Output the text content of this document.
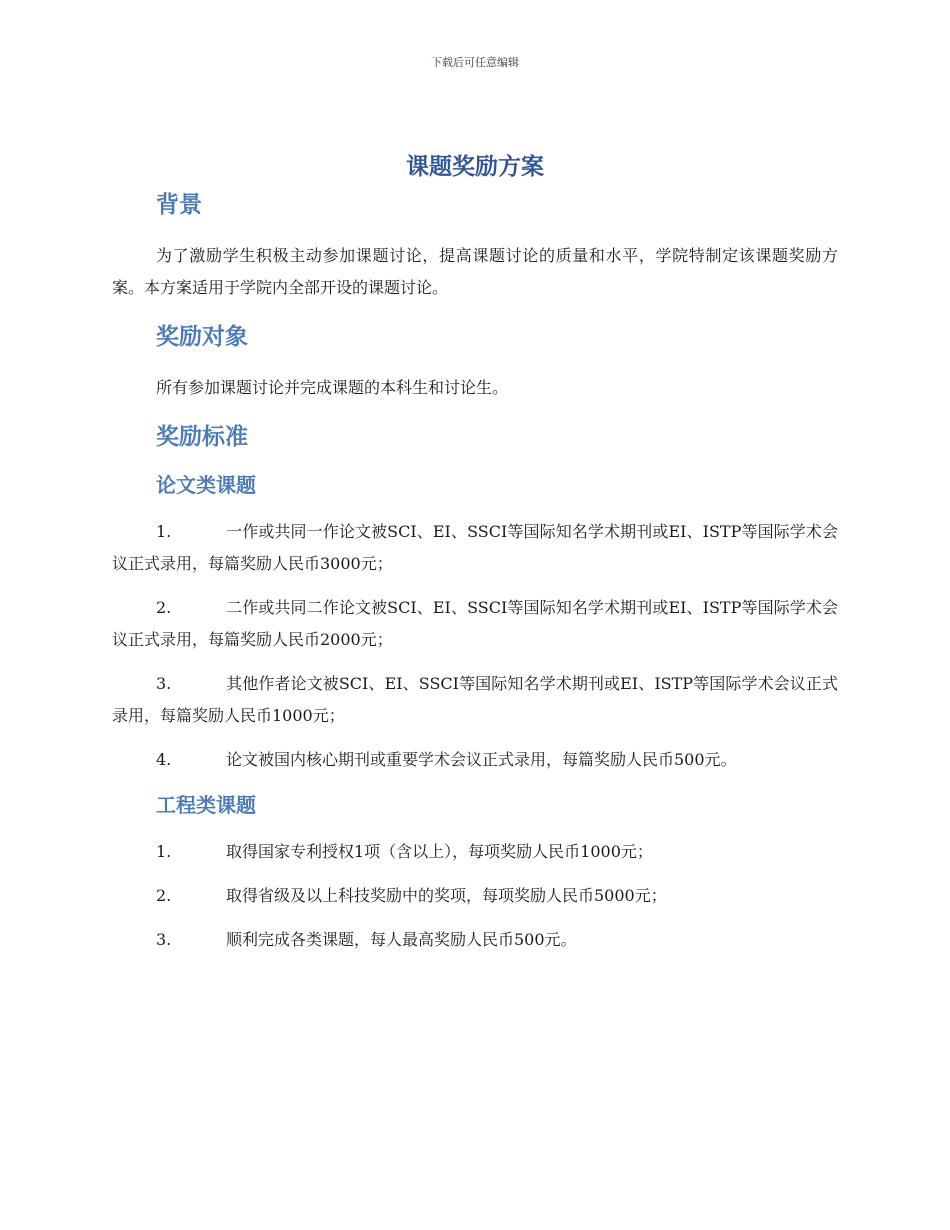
下载后可任意编辑
课题奖励方案
背景

为了激励学生积极主动参加课题讨论，提高课题讨论的质量和水平，学院特制定该课题奖励方案。本方案适用于学院内全部开设的课题讨论。

奖励对象

所有参加课题讨论并完成课题的本科生和讨论生。

奖励标准
论文类课题
1.	一作或共同一作论文被SCI、EI、SSCI等国际知名学术期刊或EI、ISTP等国际学术会议正式录用，每篇奖励人民币3000元；
2.	二作或共同二作论文被SCI、EI、SSCI等国际知名学术期刊或EI、ISTP等国际学术会议正式录用，每篇奖励人民币2000元；
3.	其他作者论文被SCI、EI、SSCI等国际知名学术期刊或EI、ISTP等国际学术会议正式录用，每篇奖励人民币1000元；
4.	论文被国内核心期刊或重要学术会议正式录用，每篇奖励人民币500元。
工程类课题
1.	取得国家专利授权1项（含以上），每项奖励人民币1000元；
2.	取得省级及以上科技奖励中的奖项，每项奖励人民币5000元；
3.	顺利完成各类课题，每人最高奖励人民币500元。
